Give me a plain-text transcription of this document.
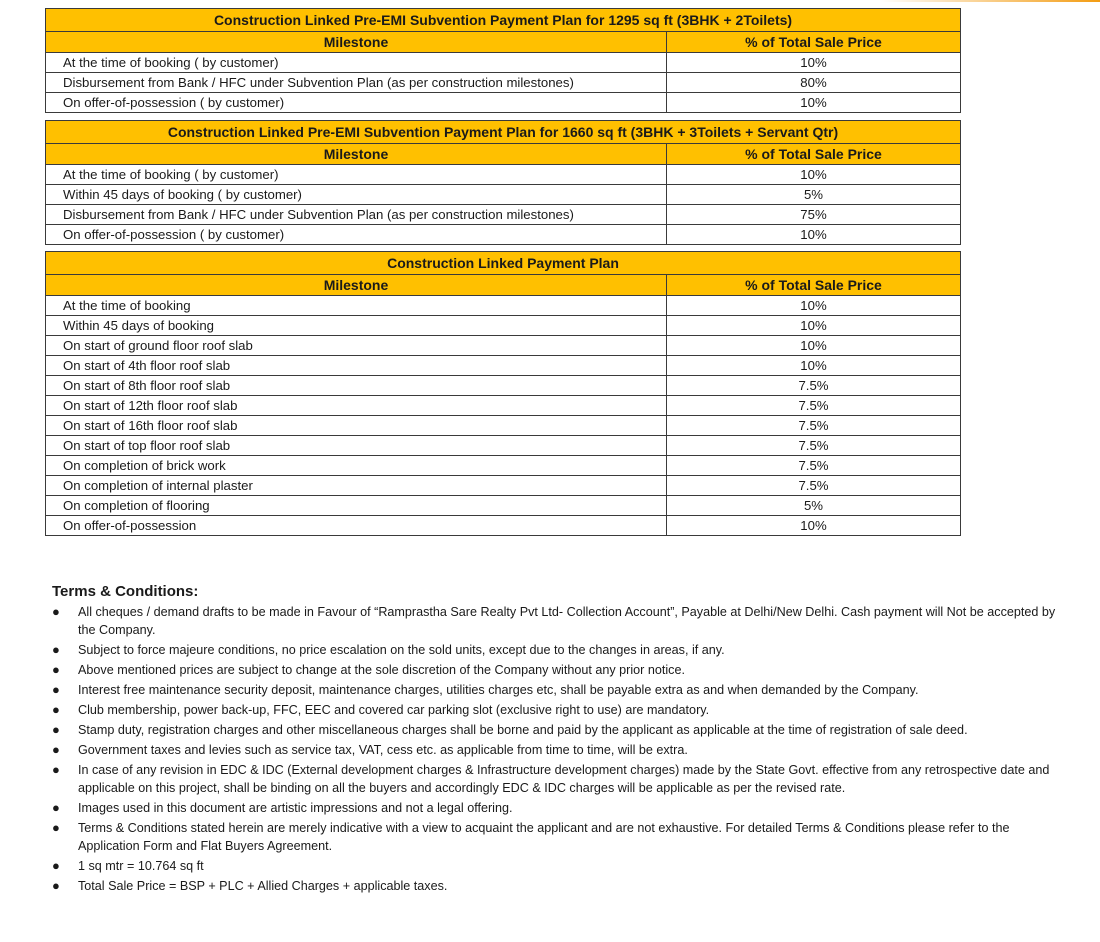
Construction Linked Pre-EMI Subvention Payment Plan for 1295 sq ft (3BHK + 2Toilets)	
Milestone	% of Total Sale Price
At the time of booking ( by customer)	10%
Disbursement from Bank / HFC under Subvention Plan (as per construction milestones)	80%
On offer-of-possession ( by customer)	10%
Construction Linked Pre-EMI Subvention Payment Plan for 1660 sq ft (3BHK + 3Toilets + Servant Qtr)	
Milestone	% of Total Sale Price
At the time of booking ( by customer)	10%
Within 45 days of booking ( by customer)	5%
Disbursement from Bank / HFC under Subvention Plan (as per construction milestones)	75%
On offer-of-possession ( by customer)	10%
Construction Linked Payment Plan	
Milestone	% of Total Sale Price
At the time of booking	10%
Within 45 days of booking	10%
On start of ground floor roof slab	10%
On start of 4th floor roof slab	10%
On start of 8th floor roof slab	7.5%
On start of 12th floor roof slab	7.5%
On start of 16th floor roof slab	7.5%
On start of top floor roof slab	7.5%
On completion of brick work	7.5%
On completion of internal plaster	7.5%
On completion of flooring	5%
On offer-of-possession	10%
Terms & Conditions:
● All cheques / demand drafts to be made in Favour of “Ramprastha Sare Realty Pvt Ltd- Collection Account”, Payable at Delhi/New Delhi. Cash payment will Not be accepted by the Company.
● Subject to force majeure conditions, no price escalation on the sold units, except due to the changes in areas, if any.
● Above mentioned prices are subject to change at the sole discretion of the Company without any prior notice.
● Interest free maintenance security deposit, maintenance charges, utilities charges etc, shall be payable extra as and when demanded by the Company.
● Club membership, power back-up, FFC, EEC and covered car parking slot (exclusive right to use) are mandatory.
● Stamp duty, registration charges and other miscellaneous charges shall be borne and paid by the applicant as applicable at the time of registration of sale deed.
● Government taxes and levies such as service tax, VAT, cess etc. as applicable from time to time, will be extra.
● In case of any revision in EDC & IDC (External development charges & Infrastructure development charges) made by the State Govt. effective from any retrospective date and applicable on this project, shall be binding on all the buyers and accordingly EDC & IDC charges will be applicable as per the revised rate.
● Images used in this document are artistic impressions and not a legal offering.
● Terms & Conditions stated herein are merely indicative with a view to acquaint the applicant and are not exhaustive. For detailed Terms & Conditions please refer to the Application Form and Flat Buyers Agreement.
● 1 sq mtr = 10.764 sq ft
● Total Sale Price = BSP + PLC + Allied Charges + applicable taxes.
